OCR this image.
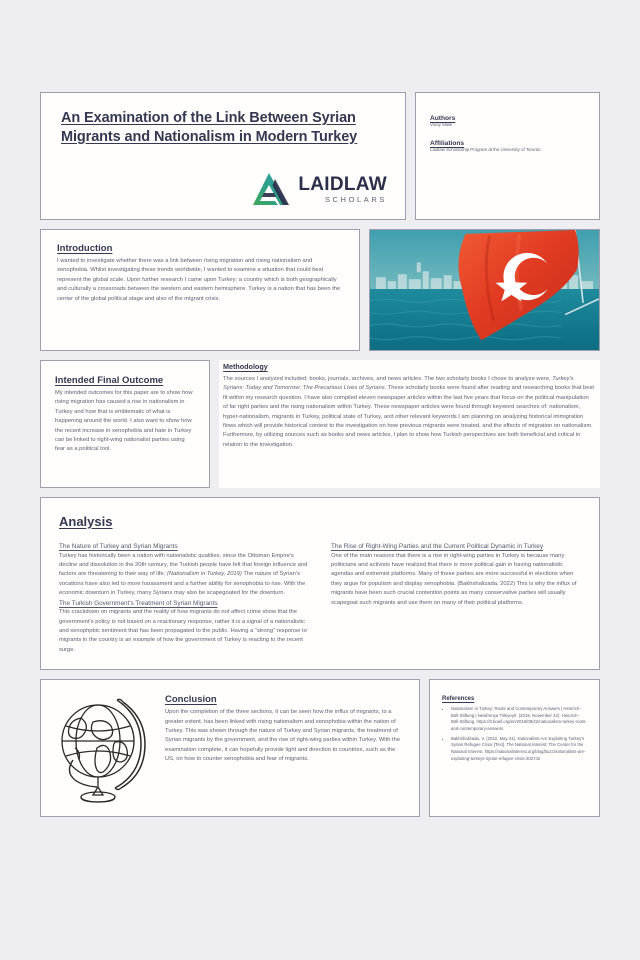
An Examination of the Link Between Syrian Migrants and Nationalism in Modern Turkey
LAIDLAW
SCHOLARS
Authors
Vinay Malik
Affiliations
Laidlaw Scholarship Program at the University of Toronto
Introduction
I wanted to investigate whether there was a link between rising migration and rising nationalism and xenophobia. Whilst investigating these trends worldwide, I wanted to examine a situation that could best represent the global scale. Upon further research I came upon Turkey; a country which is both geographically and culturally a crossroads between the western and eastern hemisphere. Turkey is a nation that has been the center of the global political stage and also of the migrant crisis.
Intended Final Outcome
My intended outcomes for this paper are to show how rising migration has caused a rise in nationalism in Turkey and how that is emblematic of what is happening around the world. I also want to show how the recent increase in xenophobia and hate in Turkey can be linked to right-wing nationalist parties using fear as a political tool.
Methodology
The sources I analyzed included: books, journals, archives, and news articles. The two scholarly books I chose to analyze were, Turkey's Syrians: Today and Tomorrow; The Precarious Lives of Syrians. These scholarly books were found after reading and researching books that best fit within my research question. I have also compiled eleven newspaper articles within the last five years that focus on the political manipulation of far right parties and the rising nationalism within Turkey. These newspaper articles were found through keyword searches of: nationalism, hyper-nationalism, migrants in Turkey, political state of Turkey, and other relevant keywords.I am planning on analyzing historical immigration flows which will provide historical context to the investigation on how previous migrants were treated, and the effects of migration on nationalism. Furthemore, by utilizing sources such as books and news articles, I plan to show how Turkish perspectives are both beneficial and critical in relation to the investigation.
Analysis
The Nature of Turkey and Syrian Migrants
Turkey has historically been a nation with nationalistic qualities, since the Ottoman Empire's decline and dissolution in the 20th century, the Turkish people have felt that foreign influence and factors are threatening to their way of life. (Nationalism in Turkey, 2019) The nature of Syrian's vocations have also led to more harassment and a further ability for xenophobia to rise. With the economic downturn in Turkey, many Syrians may also be scapegoated for the downturn.
The Turkish Government's Treatment of Syrian Migrants
This crackdown on migrants and the reality of how migrants do not affect crime show that the government's policy is not based on a reactionary response, rather it is a signal of a nationalistic and xenophpbic sentiment that has been propagated to the public. Having a “strong” response to migrants in the country is an example of how the government of Turkey is reacting to the recent surge.
The Rise of Right-Wing Parties and the Current Political Dynamic in Turkey
One of the main reasons that there is a rise in right-wing parties in Turkey is because many politicians and activists have realized that there is more political gain in having nationalistic agendas and extremist platforms. Many of these parties are more successful in elections when they argue for populism and display xenophobia. (Bakhshalizada, 2022) This is why the influx of migrants have been such crucial contention points as many conservative parties will usually scapegoat such migrants and use them on many of their political platforms.
Conclusion
Upon the completion of the three sections, it can be seen how the influx of migrants, to a greater extent, has been linked with rising nationalism and xenophobia within the nation of Turkey. This was shown through the nature of Turkey and Syrian migrants, the treatment of Syrian migrants by the government, and the rise of right-wing parties within Turkey. With the examination complete, it can hopefully provide light and direction to countries, such as the US, on how to counter xenophobia and fear of migrants.
References
• Nationalism in Turkey: Roots and Contemporary Answers | Heinrich-Böll-Stiftung | Newfrenya Tirkiyeyê. (2019, November 22). Heinrich-Böll-Stiftung. https://tr.boell.org/en/2019/08/22/nationalism-turkey-roots-and-contemporary-answers
• Bakhshalizada, V. (2022, May 31). Nationalists Are Exploiting Turkey's Syrian Refugee Crisis [Text]. The National Interest; The Center for the National Interest. https://nationalinterest.org/blog/buzz/nationalists-are-exploiting-turkeys-syrian-refugee-crisis-202742
